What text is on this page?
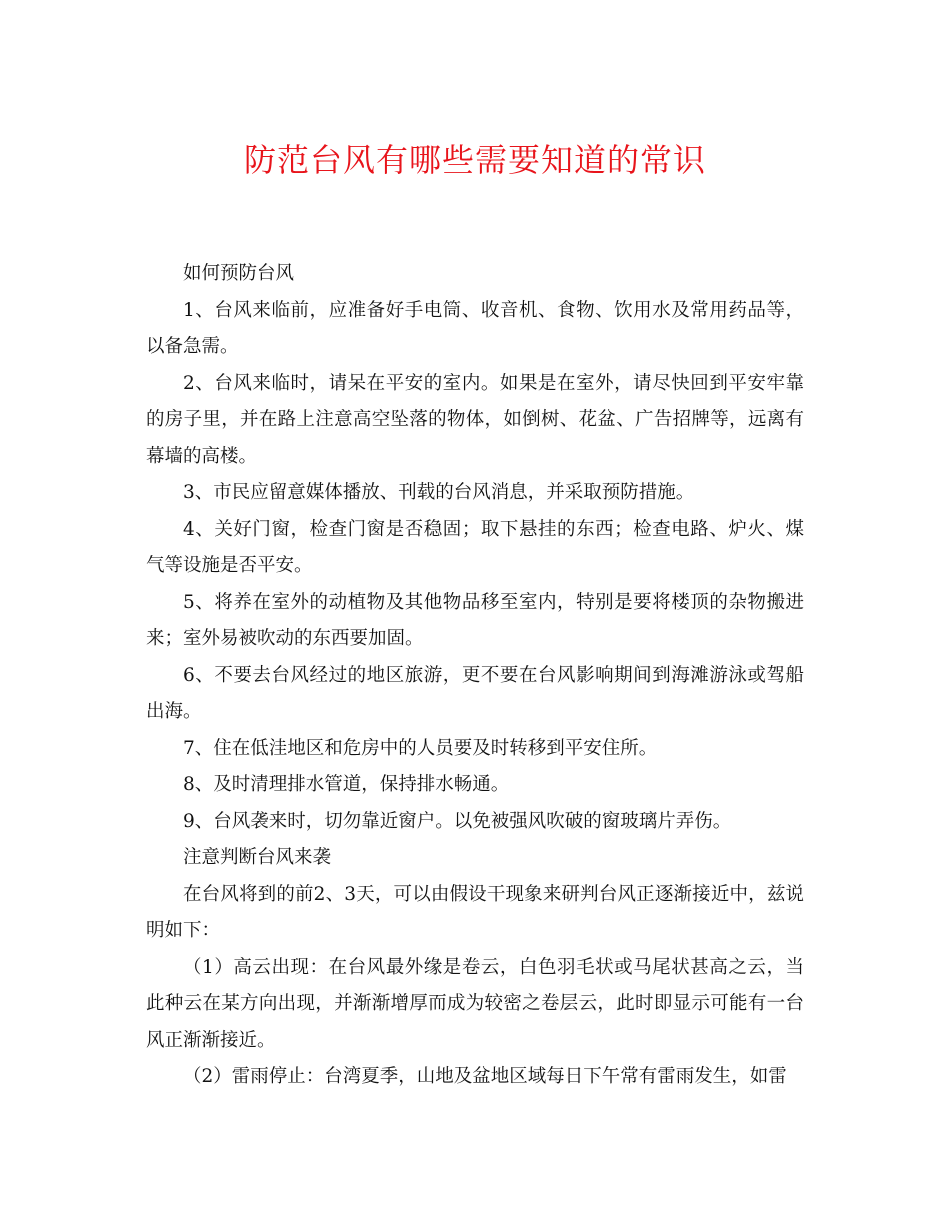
防范台风有哪些需要知道的常识

如何预防台风

1、台风来临前，应准备好手电筒、收音机、食物、饮用水及常用药品等，以备急需。

2、台风来临时，请呆在平安的室内。如果是在室外，请尽快回到平安牢靠的房子里，并在路上注意高空坠落的物体，如倒树、花盆、广告招牌等，远离有幕墙的高楼。

3、市民应留意媒体播放、刊载的台风消息，并采取预防措施。

4、关好门窗，检查门窗是否稳固；取下悬挂的东西；检查电路、炉火、煤气等设施是否平安。

5、将养在室外的动植物及其他物品移至室内，特别是要将楼顶的杂物搬进来；室外易被吹动的东西要加固。

6、不要去台风经过的地区旅游，更不要在台风影响期间到海滩游泳或驾船出海。

7、住在低洼地区和危房中的人员要及时转移到平安住所。

8、及时清理排水管道，保持排水畅通。

9、台风袭来时，切勿靠近窗户。以免被强风吹破的窗玻璃片弄伤。

注意判断台风来袭

在台风将到的前2、3天，可以由假设干现象来研判台风正逐渐接近中，兹说明如下：

（1）高云出现：在台风最外缘是卷云，白色羽毛状或马尾状甚高之云，当此种云在某方向出现，并渐渐增厚而成为较密之卷层云，此时即显示可能有一台风正渐渐接近。

（2）雷雨停止：台湾夏季，山地及盆地区域每日下午常有雷雨发生，如雷
